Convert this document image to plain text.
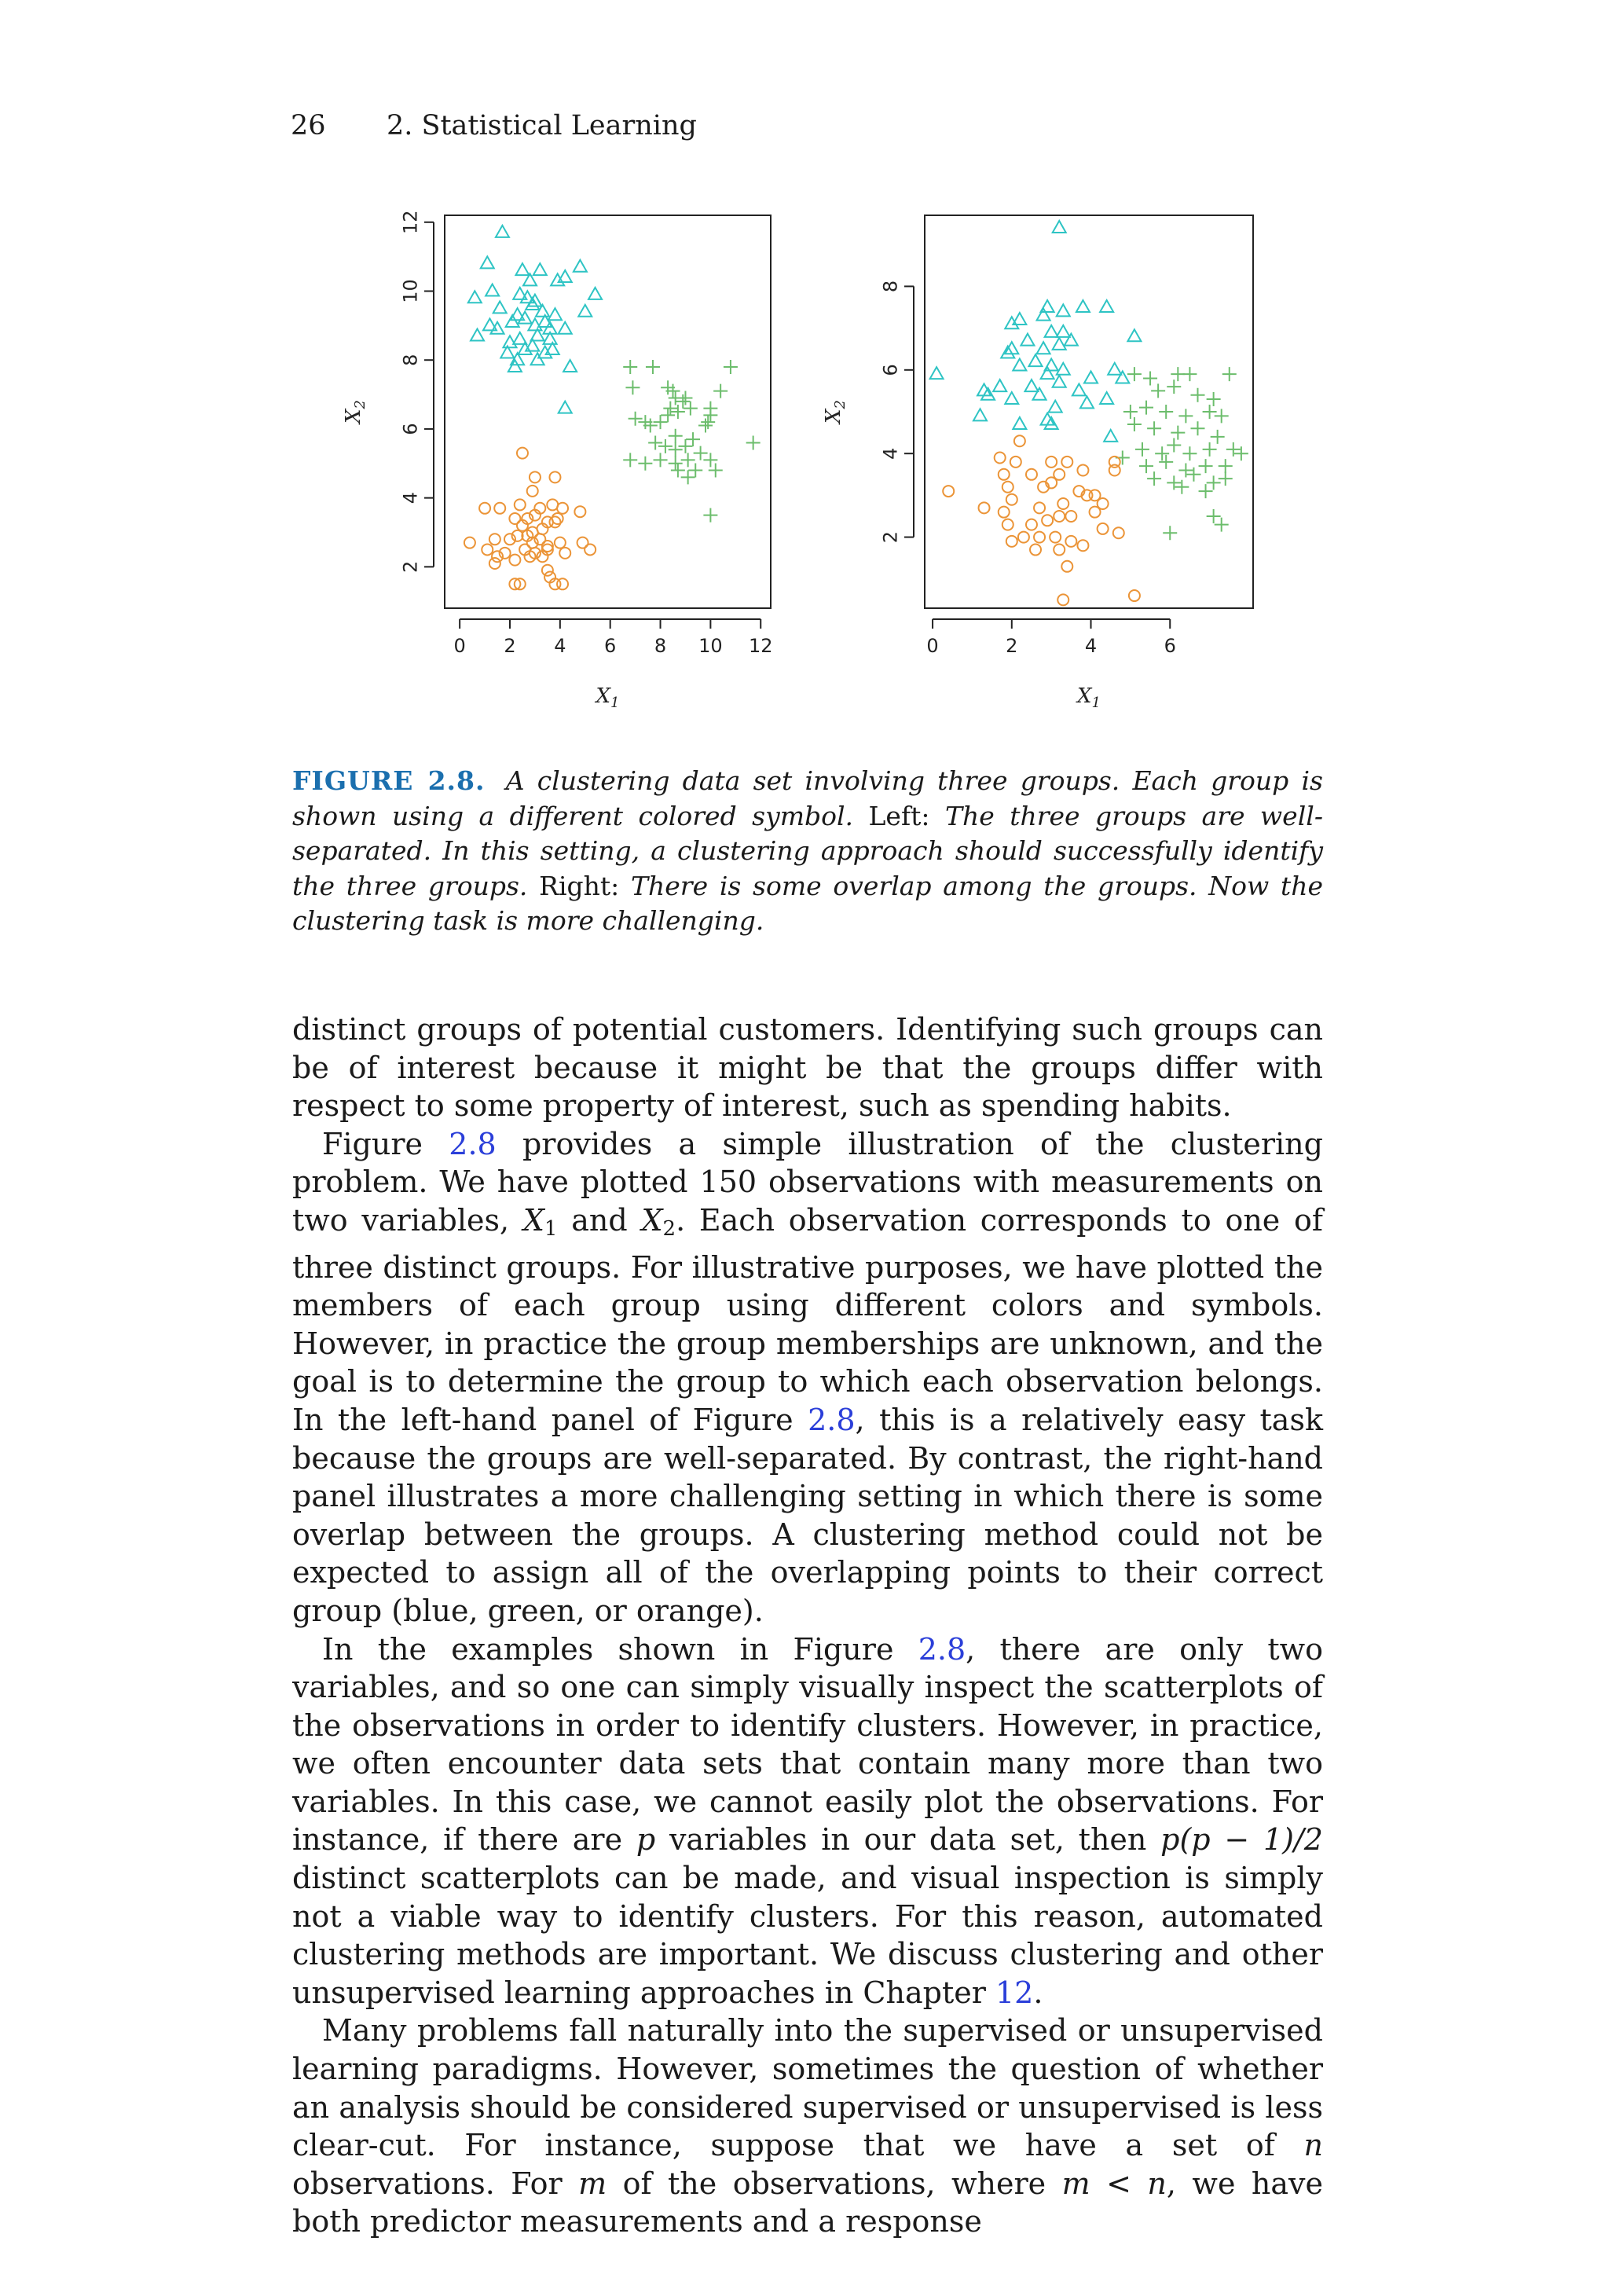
26 2. Statistical Learning
0 2 4 6 8 10 12
2
4
6
8
10
12
$X_1$
$X_2$
0	2	4	6
2
4
6
8
$X_1$
$X_2$
FIGURE 2.8. A clustering data set involving three groups. Each group is shown using a different colored symbol. Left: The three groups are well-separated. In this setting, a clustering approach should successfully identify the three groups. Right: There is some overlap among the groups. Now the clustering task is more challenging.

distinct groups of potential customers. Identifying such groups can be of interest because it might be that the groups differ with respect to some property of interest, such as spending habits.

Figure 2.8 provides a simple illustration of the clustering problem. We have plotted 150 observations with measurements on two variables, X1 and X2. Each observation corresponds to one of three distinct groups. For illustrative purposes, we have plotted the members of each group using different colors and symbols. However, in practice the group memberships are unknown, and the goal is to determine the group to which each observation belongs. In the left-hand panel of Figure 2.8, this is a relatively easy task because the groups are well-separated. By contrast, the right-hand panel illustrates a more challenging setting in which there is some overlap between the groups. A clustering method could not be expected to assign all of the overlapping points to their correct group (blue, green, or orange).

In the examples shown in Figure 2.8, there are only two variables, and so one can simply visually inspect the scatterplots of the observations in order to identify clusters. However, in practice, we often encounter data sets that contain many more than two variables. In this case, we cannot easily plot the observations. For instance, if there are p variables in our data set, then p(p − 1)/2 distinct scatterplots can be made, and visual inspection is simply not a viable way to identify clusters. For this reason, automated clustering methods are important. We discuss clustering and other unsupervised learning approaches in Chapter 12.

Many problems fall naturally into the supervised or unsupervised learning paradigms. However, sometimes the question of whether an analysis should be considered supervised or unsupervised is less clear-cut. For instance, suppose that we have a set of n observations. For m of the observations, where m < n, we have both predictor measurements and a response
